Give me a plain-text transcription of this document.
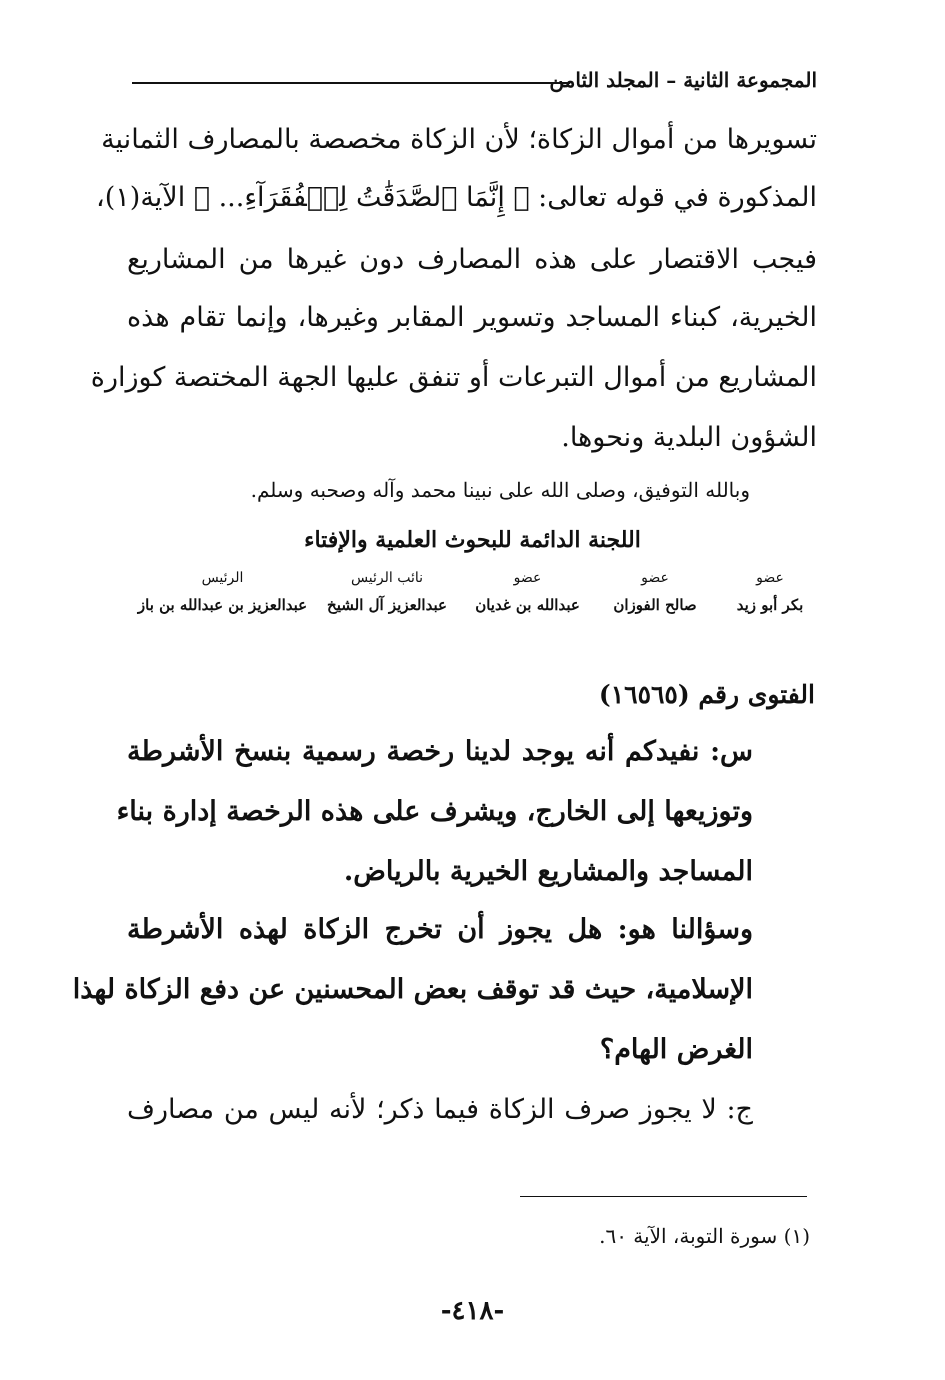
المجموعة الثانية – المجلد الثامن
تسويرها من أموال الزكاة؛ لأن الزكاة مخصصة بالمصارف الثمانية
المذكورة في قوله تعالى: ﴿ إِنَّمَا ٱلصَّدَقَٰتُ لِلۡفُقَرَآءِ... ﴾ الآية(١)،
فيجب الاقتصار على هذه المصارف دون غيرها من المشاريع
الخيرية، كبناء المساجد وتسوير المقابر وغيرها، وإنما تقام هذه
المشاريع من أموال التبرعات أو تنفق عليها الجهة المختصة كوزارة
الشؤون البلدية ونحوها.
وبالله التوفيق، وصلى الله على نبينا محمد وآله وصحبه وسلم.
اللجنة الدائمة للبحوث العلمية والإفتاء
عضو
بكر أبو زيد
عضو
صالح الفوزان
عضو
عبدالله بن غديان
نائب الرئيس
عبدالعزيز آل الشيخ
الرئيس
عبدالعزيز بن عبدالله بن باز
الفتوى رقم (١٦٥٦٥)
س: نفيدكم أنه يوجد لدينا رخصة رسمية بنسخ الأشرطة
وتوزيعها إلى الخارج، ويشرف على هذه الرخصة إدارة بناء
المساجد والمشاريع الخيرية بالرياض.
وسؤالنا هو: هل يجوز أن تخرج الزكاة لهذه الأشرطة
الإسلامية، حيث قد توقف بعض المحسنين عن دفع الزكاة لهذا
الغرض الهام؟
ج: لا يجوز صرف الزكاة فيما ذكر؛ لأنه ليس من مصارف
(١) سورة التوبة، الآية ٦٠.
-٤١٨-
